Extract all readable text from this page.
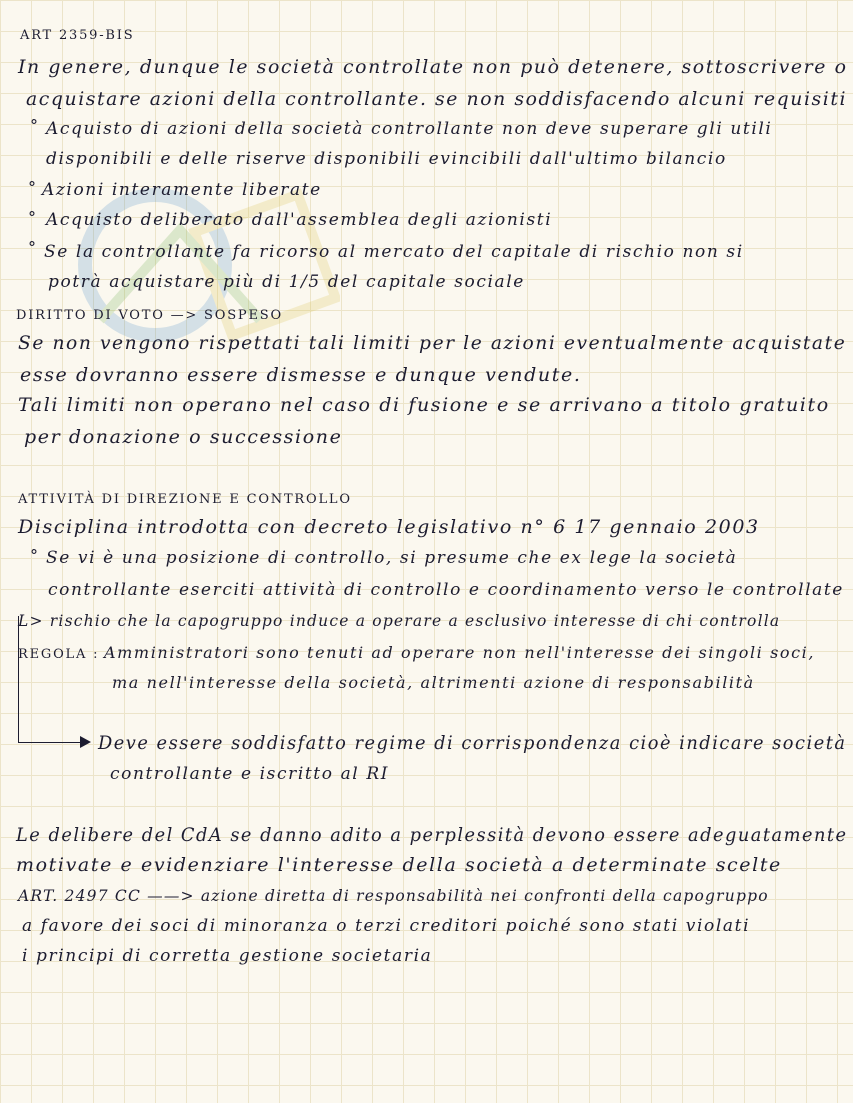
ART 2359-BIS
In genere, dunque le società controllate non può detenere, sottoscrivere o
acquistare azioni della controllante. se non soddisfacendo alcuni requisiti
° Acquisto di azioni della società controllante non deve superare gli utili
disponibili e delle riserve disponibili evincibili dall'ultimo bilancio
° Azioni interamente liberate
° Acquisto deliberato dall'assemblea degli azionisti
° Se la controllante fa ricorso al mercato del capitale di rischio non si
potrà acquistare più di 1/5 del capitale sociale
DIRITTO DI VOTO —> SOSPESO
Se non vengono rispettati tali limiti per le azioni eventualmente acquistate
esse dovranno essere dismesse e dunque vendute.
Tali limiti non operano nel caso di fusione e se arrivano a titolo gratuito
per donazione o successione
ATTIVITÀ DI DIREZIONE E CONTROLLO
Disciplina introdotta con decreto legislativo n° 6 17 gennaio 2003
° Se vi è una posizione di controllo, si presume che ex lege la società
controllante eserciti attività di controllo e coordinamento verso le controllate
L> rischio che la capogruppo induce a operare a esclusivo interesse di chi controlla
REGOLA : Amministratori sono tenuti ad operare non nell'interesse dei singoli soci,
ma nell'interesse della società, altrimenti azione di responsabilità
Deve essere soddisfatto regime di corrispondenza cioè indicare società
controllante e iscritto al RI
Le delibere del CdA se danno adito a perplessità devono essere adeguatamente
motivate e evidenziare l'interesse della società a determinate scelte
ART. 2497 CC ——> azione diretta di responsabilità nei confronti della capogruppo
a favore dei soci di minoranza o terzi creditori poiché sono stati violati
i principi di corretta gestione societaria
